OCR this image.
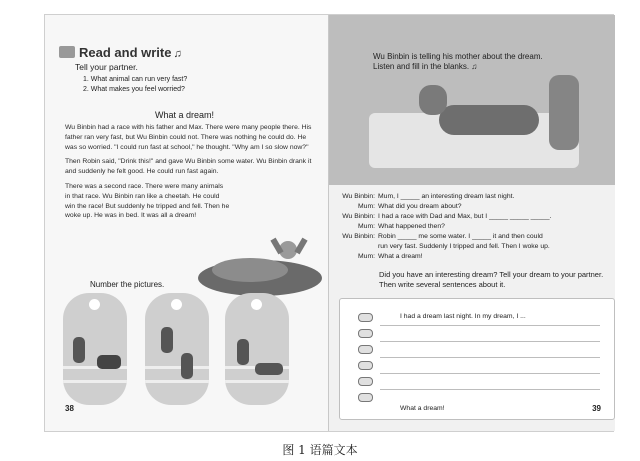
Read and write ♫
Tell your partner.
1. What animal can run very fast?
2. What makes you feel worried?
What a dream!

Wu Binbin had a race with his father and Max. There were many people there. His father ran very fast, but Wu Binbin could not. There was nothing he could do. He was so worried. "I could run fast at school," he thought. "Why am I so slow now?"

Then Robin said, "Drink this!" and gave Wu Binbin some water. Wu Binbin drank it and suddenly he felt good. He could run fast again.

There was a second race. There were many animals in that race. Wu Binbin ran like a cheetah. He could win the race! But suddenly he tripped and fell. Then he woke up. He was in bed. It was all a dream!

Number the pictures.
38
Wu Binbin is telling his mother about the dream. Listen and fill in the blanks. ♫
Wu Binbin: Mum, I _____ an interesting dream last night.
Mum: What did you dream about?
Wu Binbin: I had a race with Dad and Max, but I _____ _____ _____.
Mum: What happened then?
Wu Binbin: Robin _____ me some water. I _____ it and then could
run very fast. Suddenly I tripped and fell. Then I woke up.
Mum: What a dream!
Did you have an interesting dream? Tell your dream to your partner. Then write several sentences about it.
I had a dream last night. In my dream, I ...
What a dream!	39
图 1 语篇文本
